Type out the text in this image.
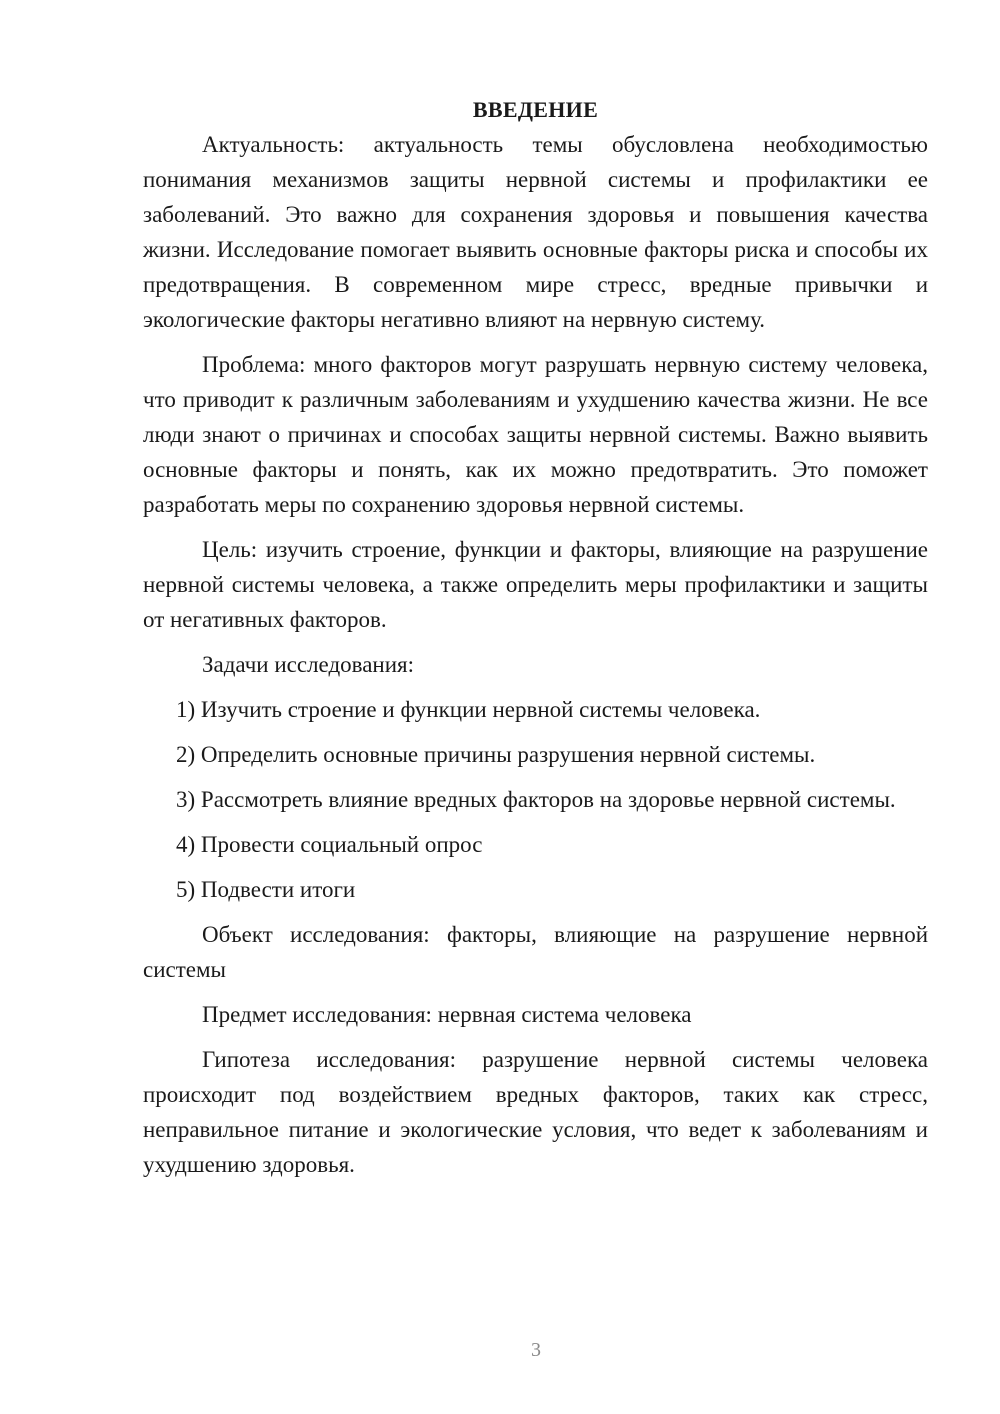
ВВЕДЕНИЕ

Актуальность: актуальность темы обусловлена необходимостью понимания механизмов защиты нервной системы и профилактики ее заболеваний. Это важно для сохранения здоровья и повышения качества жизни. Исследование помогает выявить основные факторы риска и способы их предотвращения. В современном мире стресс, вредные привычки и экологические факторы негативно влияют на нервную систему.

Проблема: много факторов могут разрушать нервную систему человека, что приводит к различным заболеваниям и ухудшению качества жизни. Не все люди знают о причинах и способах защиты нервной системы. Важно выявить основные факторы и понять, как их можно предотвратить. Это поможет разработать меры по сохранению здоровья нервной системы.

Цель: изучить строение, функции и факторы, влияющие на разрушение нервной системы человека, а также определить меры профилактики и защиты от негативных факторов.

Задачи исследования:

1) Изучить строение и функции нервной системы человека.

2) Определить основные причины разрушения нервной системы.

3) Рассмотреть влияние вредных факторов на здоровье нервной системы.

4) Провести социальный опрос

5) Подвести итоги

Объект исследования: факторы, влияющие на разрушение нервной системы

Предмет исследования: нервная система человека

Гипотеза исследования: разрушение нервной системы человека происходит под воздействием вредных факторов, таких как стресс, неправильное питание и экологические условия, что ведет к заболеваниям и ухудшению здоровья.

3
